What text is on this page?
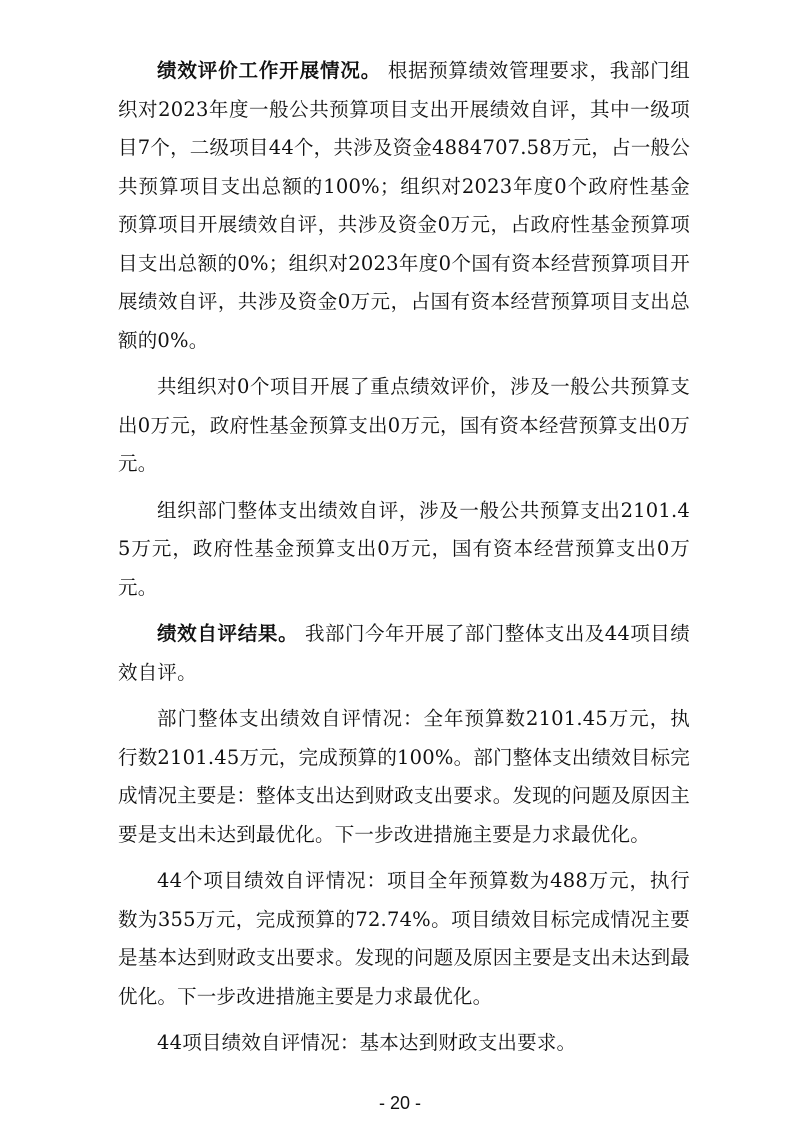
绩效评价工作开展情况。 根据预算绩效管理要求，我部门组织对2023年度一般公共预算项目支出开展绩效自评，其中一级项目7个，二级项目44个，共涉及资金4884707.58万元，占一般公共预算项目支出总额的100%；组织对2023年度0个政府性基金预算项目开展绩效自评，共涉及资金0万元，占政府性基金预算项目支出总额的0%；组织对2023年度0个国有资本经营预算项目开展绩效自评，共涉及资金0万元，占国有资本经营预算项目支出总额的0%。

共组织对0个项目开展了重点绩效评价，涉及一般公共预算支出0万元，政府性基金预算支出0万元，国有资本经营预算支出0万元。

组织部门整体支出绩效自评，涉及一般公共预算支出2101.45万元，政府性基金预算支出0万元，国有资本经营预算支出0万元。

绩效自评结果。 我部门今年开展了部门整体支出及44项目绩效自评。

部门整体支出绩效自评情况：全年预算数2101.45万元，执行数2101.45万元，完成预算的100%。部门整体支出绩效目标完成情况主要是：整体支出达到财政支出要求。发现的问题及原因主要是支出未达到最优化。下一步改进措施主要是力求最优化。

44个项目绩效自评情况：项目全年预算数为488万元，执行数为355万元，完成预算的72.74%。项目绩效目标完成情况主要是基本达到财政支出要求。发现的问题及原因主要是支出未达到最优化。下一步改进措施主要是力求最优化。

44项目绩效自评情况：基本达到财政支出要求。

- 20 -
